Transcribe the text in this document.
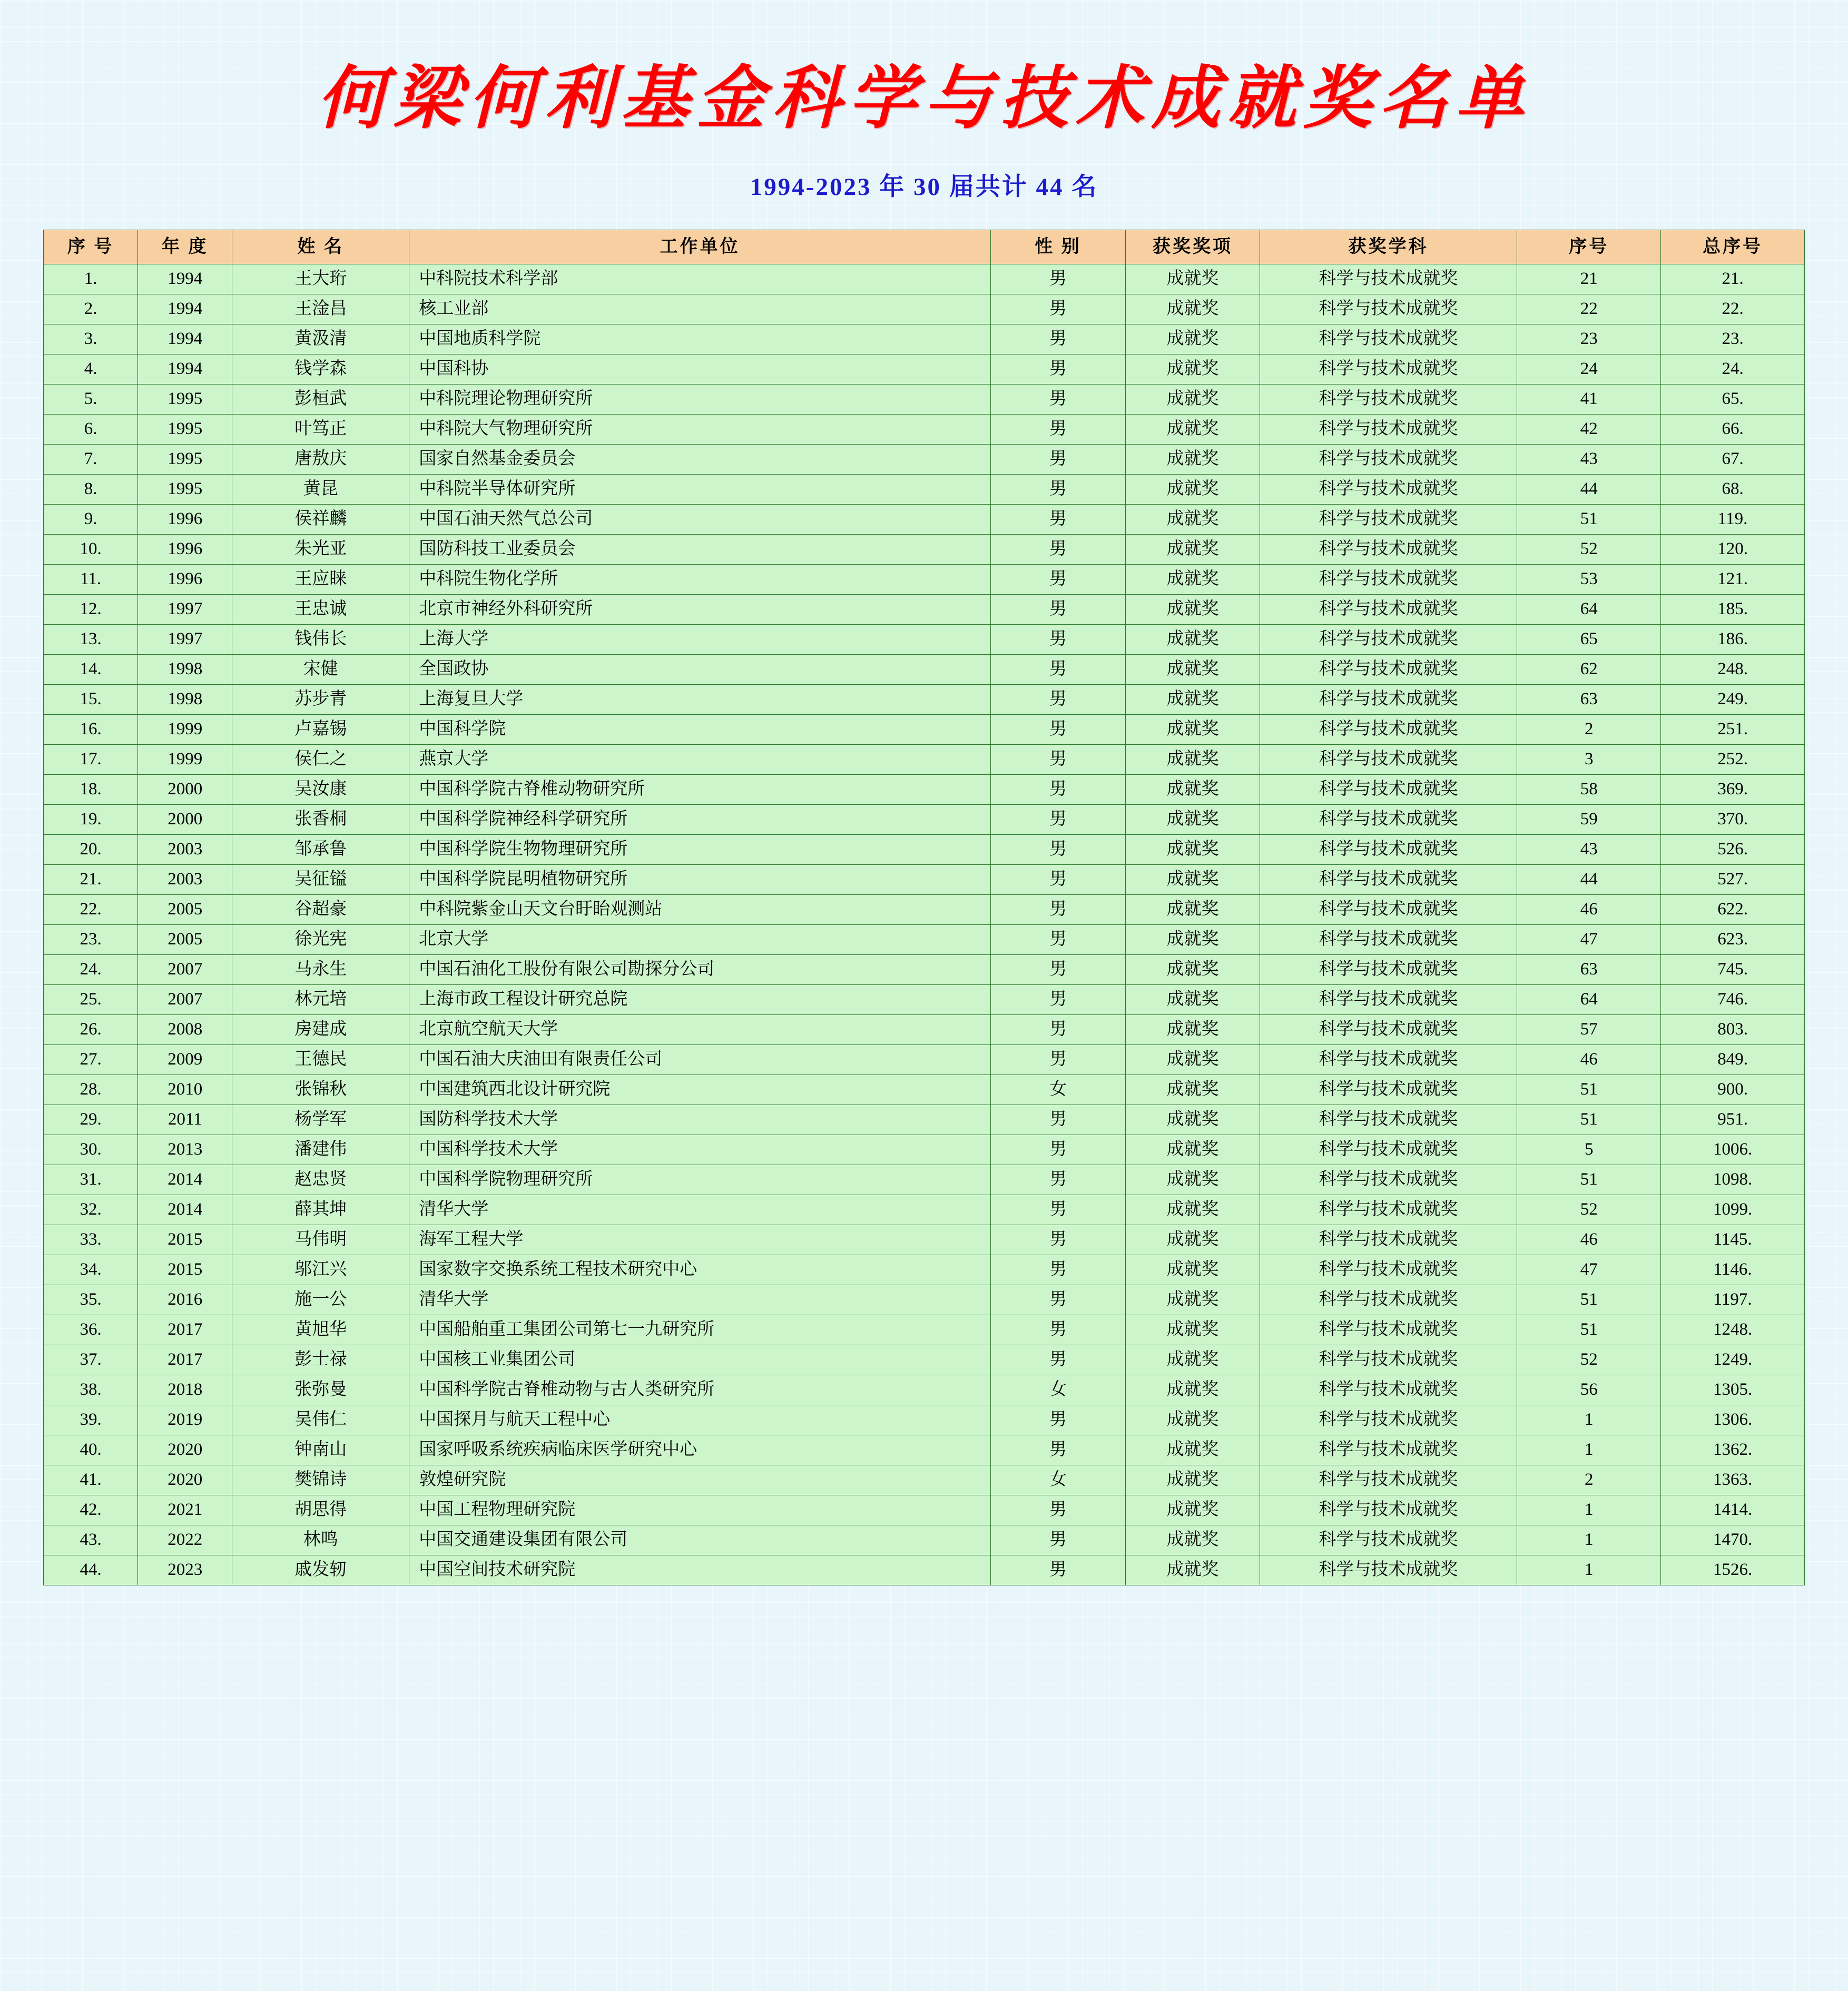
何梁何利基金科学与技术成就奖名单
1994-2023 年 30 届共计 44 名
序 号	年 度	姓 名	工作单位	性 别	获奖奖项	获奖学科	序号	总序号
1.	1994	王大珩	中科院技术科学部	男	成就奖	科学与技术成就奖	21	21.
2.	1994	王淦昌	核工业部	男	成就奖	科学与技术成就奖	22	22.
3.	1994	黄汲清	中国地质科学院	男	成就奖	科学与技术成就奖	23	23.
4.	1994	钱学森	中国科协	男	成就奖	科学与技术成就奖	24	24.
5.	1995	彭桓武	中科院理论物理研究所	男	成就奖	科学与技术成就奖	41	65.
6.	1995	叶笃正	中科院大气物理研究所	男	成就奖	科学与技术成就奖	42	66.
7.	1995	唐敖庆	国家自然基金委员会	男	成就奖	科学与技术成就奖	43	67.
8.	1995	黄昆	中科院半导体研究所	男	成就奖	科学与技术成就奖	44	68.
9.	1996	侯祥麟	中国石油天然气总公司	男	成就奖	科学与技术成就奖	51	119.
10.	1996	朱光亚	国防科技工业委员会	男	成就奖	科学与技术成就奖	52	120.
11.	1996	王应睐	中科院生物化学所	男	成就奖	科学与技术成就奖	53	121.
12.	1997	王忠诚	北京市神经外科研究所	男	成就奖	科学与技术成就奖	64	185.
13.	1997	钱伟长	上海大学	男	成就奖	科学与技术成就奖	65	186.
14.	1998	宋健	全国政协	男	成就奖	科学与技术成就奖	62	248.
15.	1998	苏步青	上海复旦大学	男	成就奖	科学与技术成就奖	63	249.
16.	1999	卢嘉锡	中国科学院	男	成就奖	科学与技术成就奖	2	251.
17.	1999	侯仁之	燕京大学	男	成就奖	科学与技术成就奖	3	252.
18.	2000	吴汝康	中国科学院古脊椎动物研究所	男	成就奖	科学与技术成就奖	58	369.
19.	2000	张香桐	中国科学院神经科学研究所	男	成就奖	科学与技术成就奖	59	370.
20.	2003	邹承鲁	中国科学院生物物理研究所	男	成就奖	科学与技术成就奖	43	526.
21.	2003	吴征镒	中国科学院昆明植物研究所	男	成就奖	科学与技术成就奖	44	527.
22.	2005	谷超豪	中科院紫金山天文台盱眙观测站	男	成就奖	科学与技术成就奖	46	622.
23.	2005	徐光宪	北京大学	男	成就奖	科学与技术成就奖	47	623.
24.	2007	马永生	中国石油化工股份有限公司勘探分公司	男	成就奖	科学与技术成就奖	63	745.
25.	2007	林元培	上海市政工程设计研究总院	男	成就奖	科学与技术成就奖	64	746.
26.	2008	房建成	北京航空航天大学	男	成就奖	科学与技术成就奖	57	803.
27.	2009	王德民	中国石油大庆油田有限责任公司	男	成就奖	科学与技术成就奖	46	849.
28.	2010	张锦秋	中国建筑西北设计研究院	女	成就奖	科学与技术成就奖	51	900.
29.	2011	杨学军	国防科学技术大学	男	成就奖	科学与技术成就奖	51	951.
30.	2013	潘建伟	中国科学技术大学	男	成就奖	科学与技术成就奖	5	1006.
31.	2014	赵忠贤	中国科学院物理研究所	男	成就奖	科学与技术成就奖	51	1098.
32.	2014	薛其坤	清华大学	男	成就奖	科学与技术成就奖	52	1099.
33.	2015	马伟明	海军工程大学	男	成就奖	科学与技术成就奖	46	1145.
34.	2015	邬江兴	国家数字交换系统工程技术研究中心	男	成就奖	科学与技术成就奖	47	1146.
35.	2016	施一公	清华大学	男	成就奖	科学与技术成就奖	51	1197.
36.	2017	黄旭华	中国船舶重工集团公司第七一九研究所	男	成就奖	科学与技术成就奖	51	1248.
37.	2017	彭士禄	中国核工业集团公司	男	成就奖	科学与技术成就奖	52	1249.
38.	2018	张弥曼	中国科学院古脊椎动物与古人类研究所	女	成就奖	科学与技术成就奖	56	1305.
39.	2019	吴伟仁	中国探月与航天工程中心	男	成就奖	科学与技术成就奖	1	1306.
40.	2020	钟南山	国家呼吸系统疾病临床医学研究中心	男	成就奖	科学与技术成就奖	1	1362.
41.	2020	樊锦诗	敦煌研究院	女	成就奖	科学与技术成就奖	2	1363.
42.	2021	胡思得	中国工程物理研究院	男	成就奖	科学与技术成就奖	1	1414.
43.	2022	林鸣	中国交通建设集团有限公司	男	成就奖	科学与技术成就奖	1	1470.
44.	2023	戚发轫	中国空间技术研究院	男	成就奖	科学与技术成就奖	1	1526.
